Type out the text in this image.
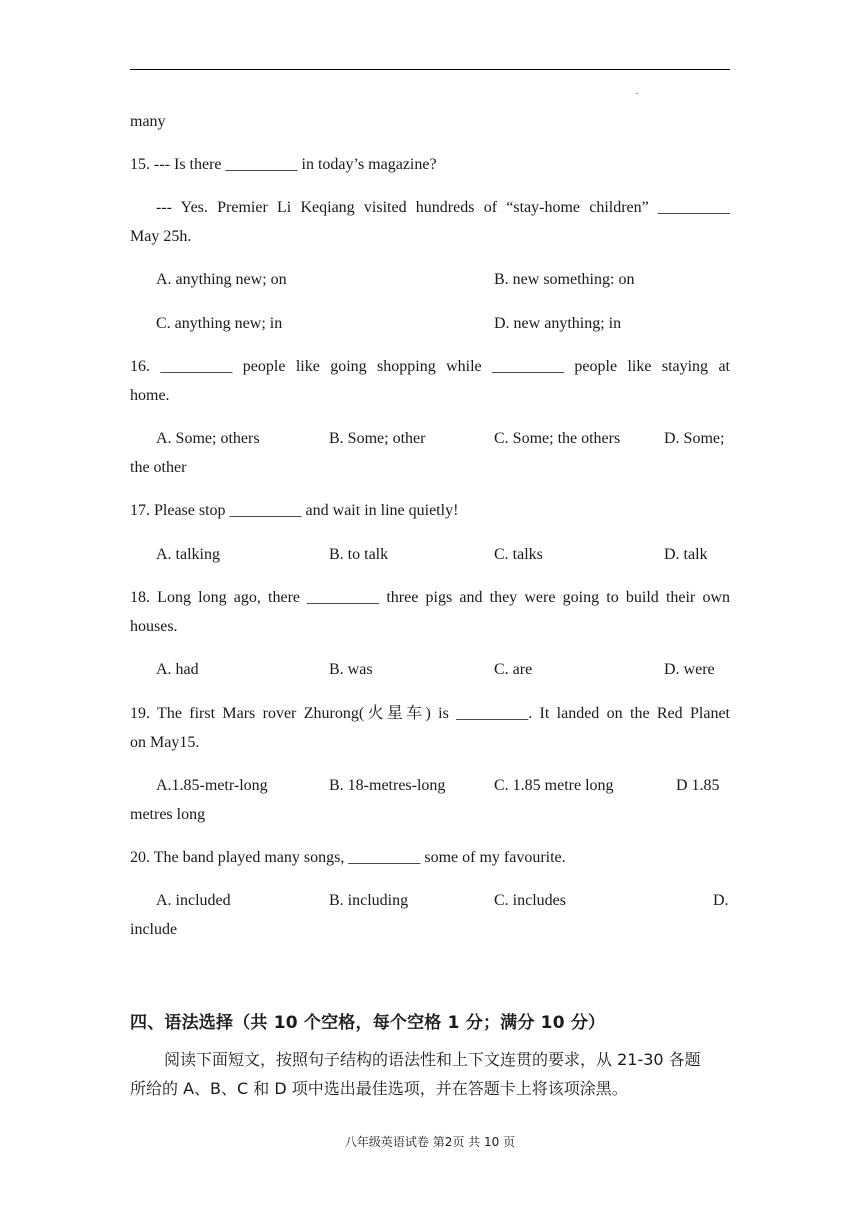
.
many
15. --- Is there _________ in today’s magazine?
--- Yes. Premier Li Keqiang visited hundreds of “stay-home children” _________
May 25h.
A. anything new; on	B. new something: on
C. anything new; in	D. new anything; in
16. _________ people like going shopping while _________ people like staying at
home.
A. Some; others	B. Some; other	C. Some; the others	D. Some;
the other
17. Please stop _________ and wait in line quietly!
A. talking	B. to talk	C. talks	D. talk
18. Long long ago, there _________ three pigs and they were going to build their own
houses.
A. had	B. was	C. are	D. were
19. The first Mars rover Zhurong(火星车) is _________. It landed on the Red Planet
on May15.
A.1.85-metr-long	B. 18-metres-long	C. 1.85 metre long	D 1.85
metres long
20. The band played many songs, _________ some of my favourite.
A. included	B. including	C. includes	D.
include
四、语法选择（共 10 个空格，每个空格 1 分；满分 10 分）
阅读下面短文，按照句子结构的语法性和上下文连贯的要求，从 21-30 各题
所给的 A、B、C 和 D 项中选出最佳选项，并在答题卡上将该项涂黑。
八年级英语试卷 第2页 共 10 页
